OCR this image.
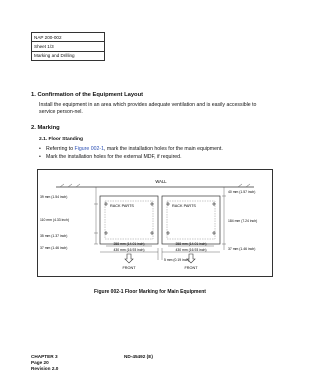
NAP 200-002
Sheet 1/3
Marking and Drilling
1. Confirmation of the Equipment Layout
Install the equipment in an area which provides adequate ventilation and is easily accessible to service person-nel.
2. Marking
2.1. Floor Standing
• Referring to Figure 002-1, mark the installation holes for the main equipment.
• Mark the installation holes for the external MDF, if required.
WALL
RACK PARTS	RACK PARTS
39 mm (1.54 inch)
110 mm (4.33 inch)
35 mm (1.37 inch)
37 mm (1.46 inch)
40 mm (1.57 inch)
184 mm (7.24 inch)
37 mm (1.46 inch)
358 mm (14.01 inch)
430 mm (16.93 inch)
358 mm (14.01 inch)
430 mm (16.93 inch)
5 mm (0.19 inch)
FRONT	FRONT
Figure 002-1 Floor Marking for Main Equipment
CHAPTER 3
Page 20
Revision 2.0
ND-45492 (E)
